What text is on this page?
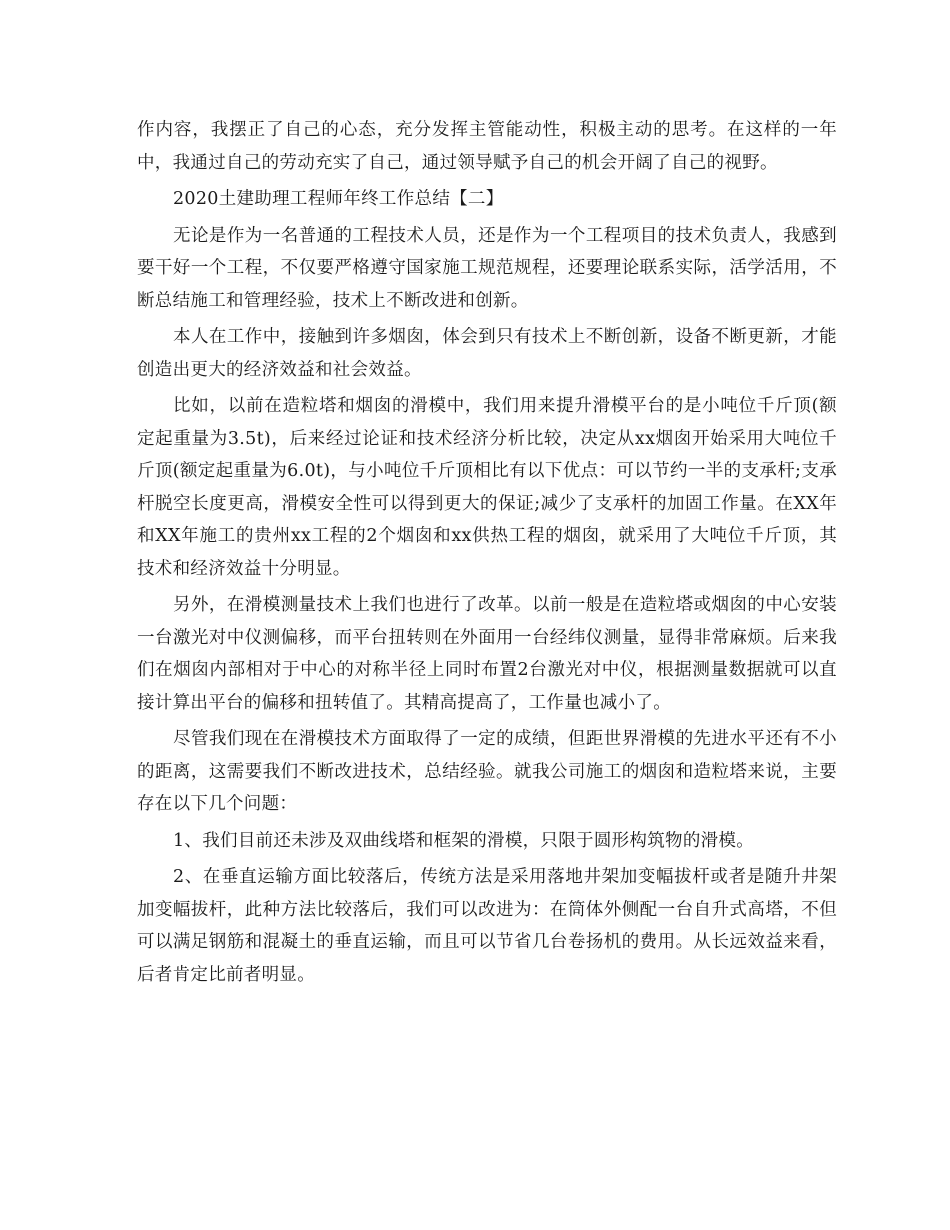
作内容，我摆正了自己的心态，充分发挥主管能动性，积极主动的思考。在这样的一年中，我通过自己的劳动充实了自己，通过领导赋予自己的机会开阔了自己的视野。

2020土建助理工程师年终工作总结【二】

无论是作为一名普通的工程技术人员，还是作为一个工程项目的技术负责人，我感到要干好一个工程，不仅要严格遵守国家施工规范规程，还要理论联系实际，活学活用，不断总结施工和管理经验，技术上不断改进和创新。

本人在工作中，接触到许多烟囱，体会到只有技术上不断创新，设备不断更新，才能创造出更大的经济效益和社会效益。

比如，以前在造粒塔和烟囱的滑模中，我们用来提升滑模平台的是小吨位千斤顶(额定起重量为3.5t)，后来经过论证和技术经济分析比较，决定从xx烟囱开始采用大吨位千斤顶(额定起重量为6.0t)，与小吨位千斤顶相比有以下优点：可以节约一半的支承杆;支承杆脱空长度更高，滑模安全性可以得到更大的保证;减少了支承杆的加固工作量。在XX年和XX年施工的贵州xx工程的2个烟囱和xx供热工程的烟囱，就采用了大吨位千斤顶，其技术和经济效益十分明显。

另外，在滑模测量技术上我们也进行了改革。以前一般是在造粒塔或烟囱的中心安装一台激光对中仪测偏移，而平台扭转则在外面用一台经纬仪测量，显得非常麻烦。后来我们在烟囱内部相对于中心的对称半径上同时布置2台激光对中仪，根据测量数据就可以直接计算出平台的偏移和扭转值了。其精高提高了，工作量也减小了。

尽管我们现在在滑模技术方面取得了一定的成绩，但距世界滑模的先进水平还有不小的距离，这需要我们不断改进技术，总结经验。就我公司施工的烟囱和造粒塔来说，主要存在以下几个问题：

1、我们目前还未涉及双曲线塔和框架的滑模，只限于圆形构筑物的滑模。

2、在垂直运输方面比较落后，传统方法是采用落地井架加变幅拔杆或者是随升井架加变幅拔杆，此种方法比较落后，我们可以改进为：在筒体外侧配一台自升式高塔，不但可以满足钢筋和混凝土的垂直运输，而且可以节省几台卷扬机的费用。从长远效益来看，后者肯定比前者明显。
